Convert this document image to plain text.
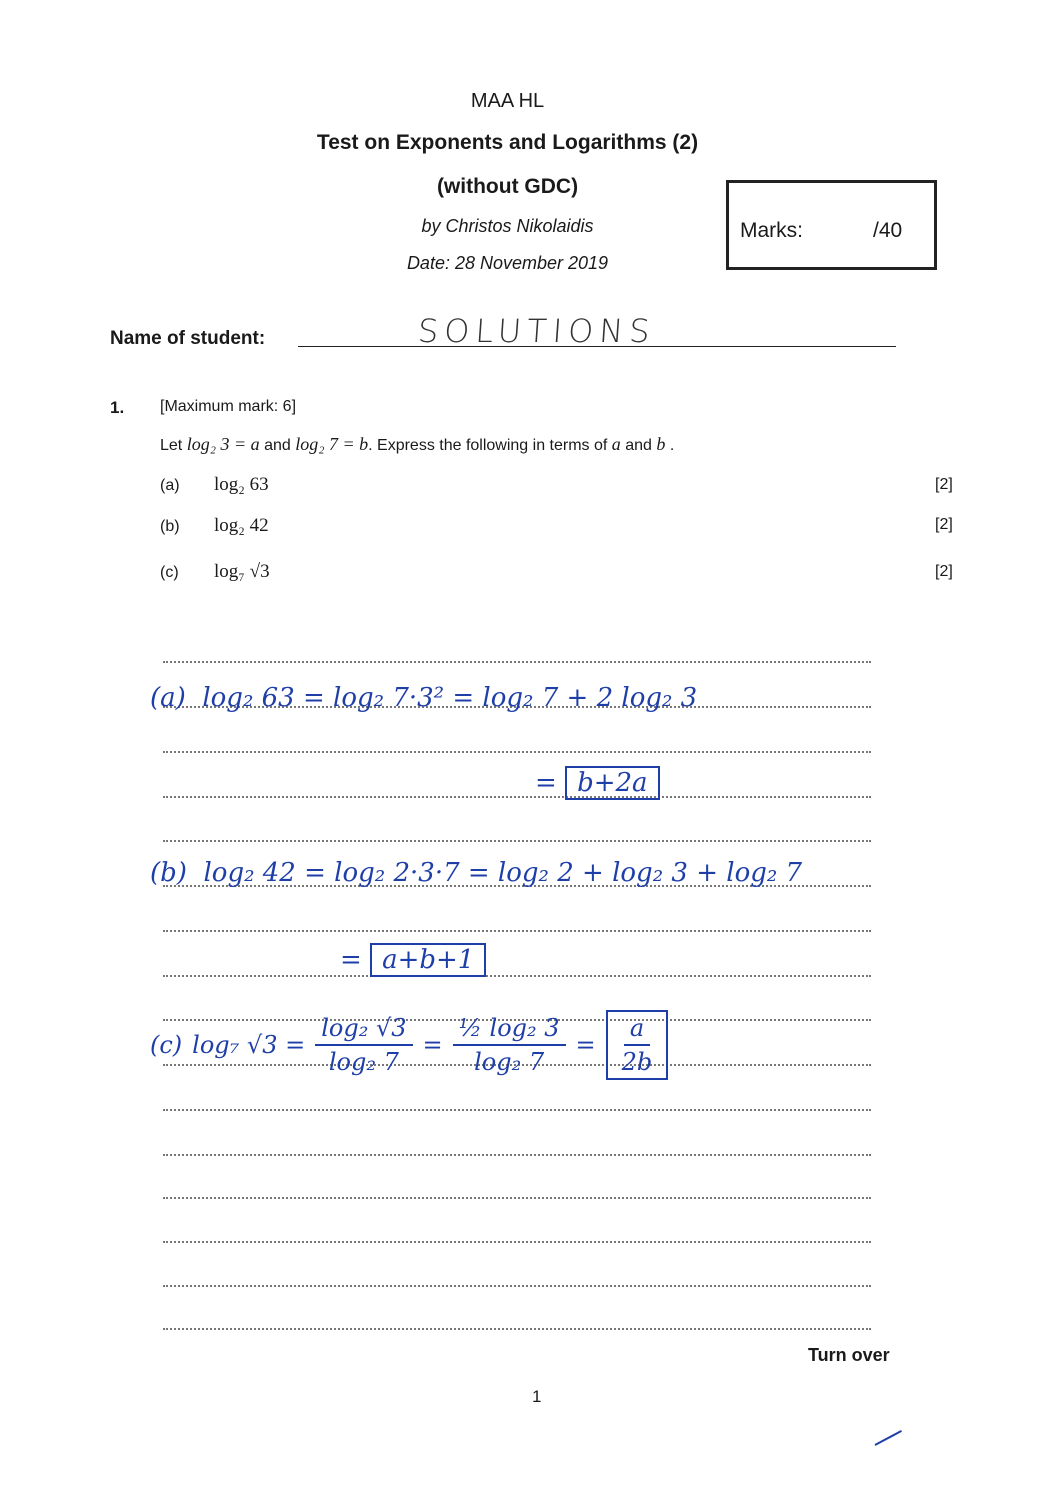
MAA HL
Test on Exponents and Logarithms (2)
(without GDC)
by Christos Nikolaidis
Date: 28 November 2019
Marks:	/40
Name of student:	SOLUTIONS
1. [Maximum mark: 6]
Let log₂ 3 = a and log₂ 7 = b. Express the following in terms of a and b .
(a) log₂ 63	[2]
(b) log₂ 42	[2]
(c) log₇ √3	[2]
(a) log₂ 63 = log₂ 7·3² = log₂ 7 + 2 log₂ 3
= b+2a
(b) log₂ 42 = log₂ 2·3·7 = log₂ 2 + log₂ 3 + log₂ 7
= a+b+1
(c) log₇ $√3 = \frac{\text{log₂ √3}}{\text{log₂ 7}} = \frac{\text{½ log₂ 3}}{\text{log₂ 7}} = \frac{a}{2b}$
Turn over
1
